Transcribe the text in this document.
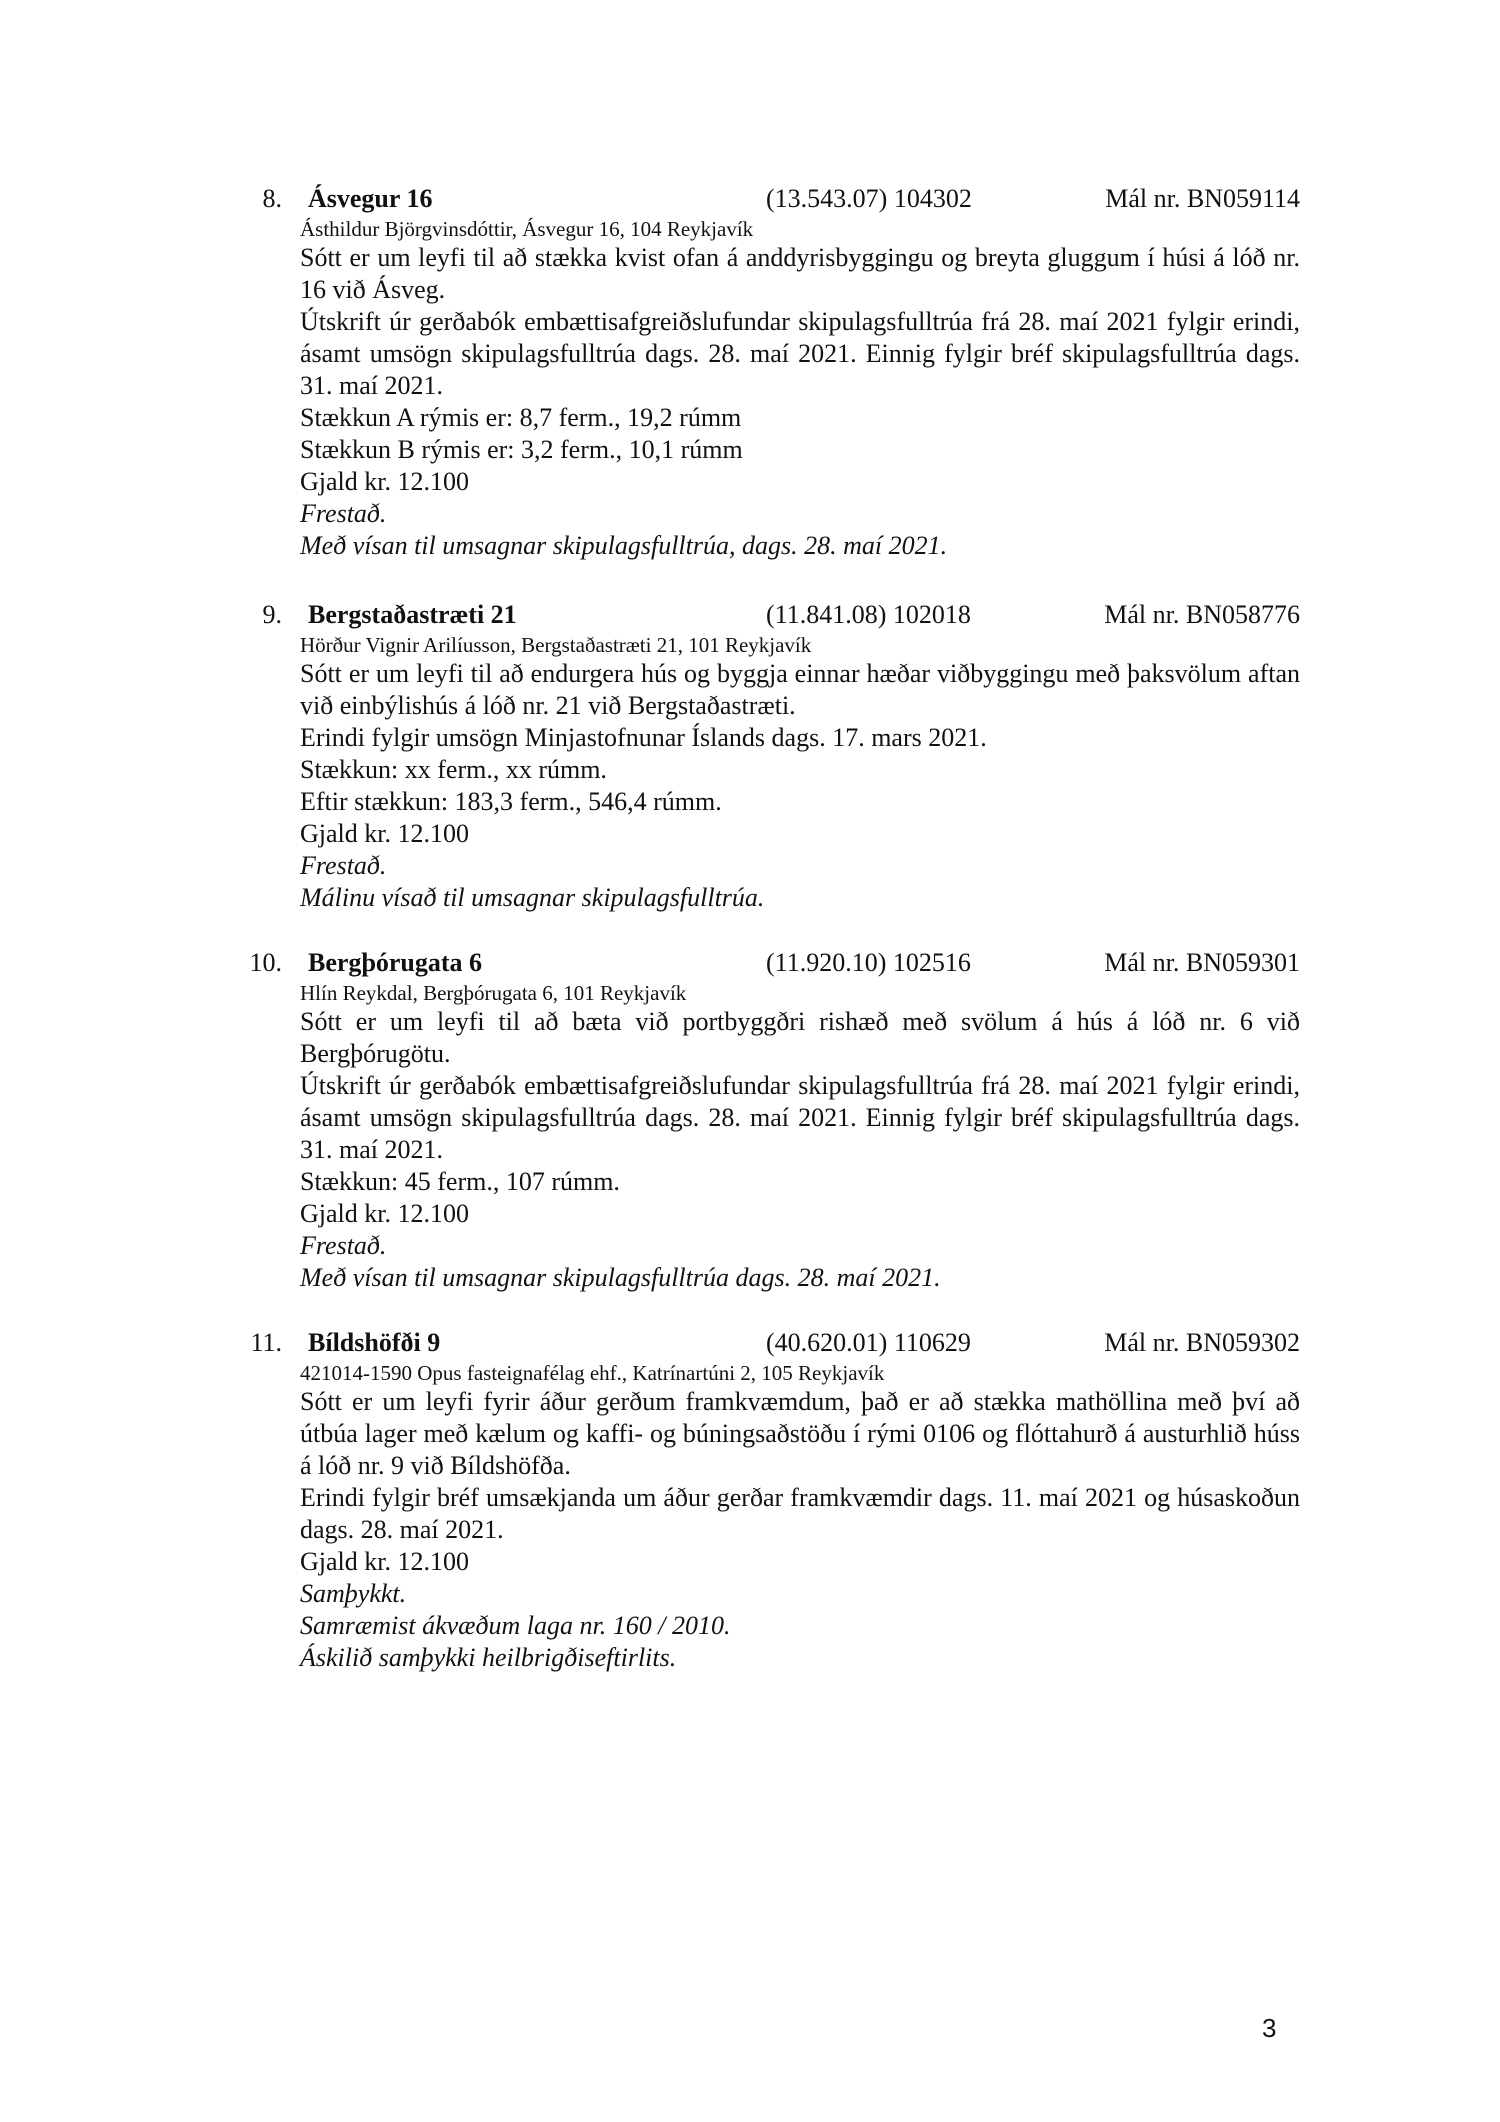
8. Ásvegur 16	(13.543.07) 104302	Mál nr. BN059114
Ásthildur Björgvinsdóttir, Ásvegur 16, 104 Reykjavík
Sótt er um leyfi til að stækka kvist ofan á anddyrisbyggingu og breyta gluggum í húsi á lóð nr. 16 við Ásveg.
Útskrift úr gerðabók embættisafgreiðslufundar skipulagsfulltrúa frá 28. maí 2021 fylgir erindi, ásamt umsögn skipulagsfulltrúa dags. 28. maí 2021. Einnig fylgir bréf skipulagsfulltrúa dags. 31. maí 2021.
Stækkun A rýmis er: 8,7 ferm., 19,2 rúmm
Stækkun B rýmis er: 3,2 ferm., 10,1 rúmm
Gjald kr. 12.100
Frestað.
Með vísan til umsagnar skipulagsfulltrúa, dags. 28. maí 2021.
9. Bergstaðastræti 21	(11.841.08) 102018	Mál nr. BN058776
Hörður Vignir Arilíusson, Bergstaðastræti 21, 101 Reykjavík
Sótt er um leyfi til að endurgera hús og byggja einnar hæðar viðbyggingu með þaksvölum aftan við einbýlishús á lóð nr. 21 við Bergstaðastræti.
Erindi fylgir umsögn Minjastofnunar Íslands dags. 17. mars 2021.
Stækkun: xx ferm., xx rúmm.
Eftir stækkun: 183,3 ferm., 546,4 rúmm.
Gjald kr. 12.100
Frestað.
Málinu vísað til umsagnar skipulagsfulltrúa.
10. Bergþórugata 6	(11.920.10) 102516	Mál nr. BN059301
Hlín Reykdal, Bergþórugata 6, 101 Reykjavík
Sótt er um leyfi til að bæta við portbyggðri rishæð með svölum á hús á lóð nr. 6 við Bergþórugötu.
Útskrift úr gerðabók embættisafgreiðslufundar skipulagsfulltrúa frá 28. maí 2021 fylgir erindi, ásamt umsögn skipulagsfulltrúa dags. 28. maí 2021. Einnig fylgir bréf skipulagsfulltrúa dags. 31. maí 2021.
Stækkun: 45 ferm., 107 rúmm.
Gjald kr. 12.100
Frestað.
Með vísan til umsagnar skipulagsfulltrúa dags. 28. maí 2021.
11. Bíldshöfði 9	(40.620.01) 110629	Mál nr. BN059302
421014-1590 Opus fasteignafélag ehf., Katrínartúni 2, 105 Reykjavík
Sótt er um leyfi fyrir áður gerðum framkvæmdum, það er að stækka mathöllina með því að útbúa lager með kælum og kaffi- og búningsaðstöðu í rými 0106 og flóttahurð á austurhlið húss á lóð nr. 9 við Bíldshöfða.
Erindi fylgir bréf umsækjanda um áður gerðar framkvæmdir dags. 11. maí 2021 og húsaskoðun dags. 28. maí 2021.
Gjald kr. 12.100
Samþykkt.
Samræmist ákvæðum laga nr. 160 / 2010.
Áskilið samþykki heilbrigðiseftirlits.
3
